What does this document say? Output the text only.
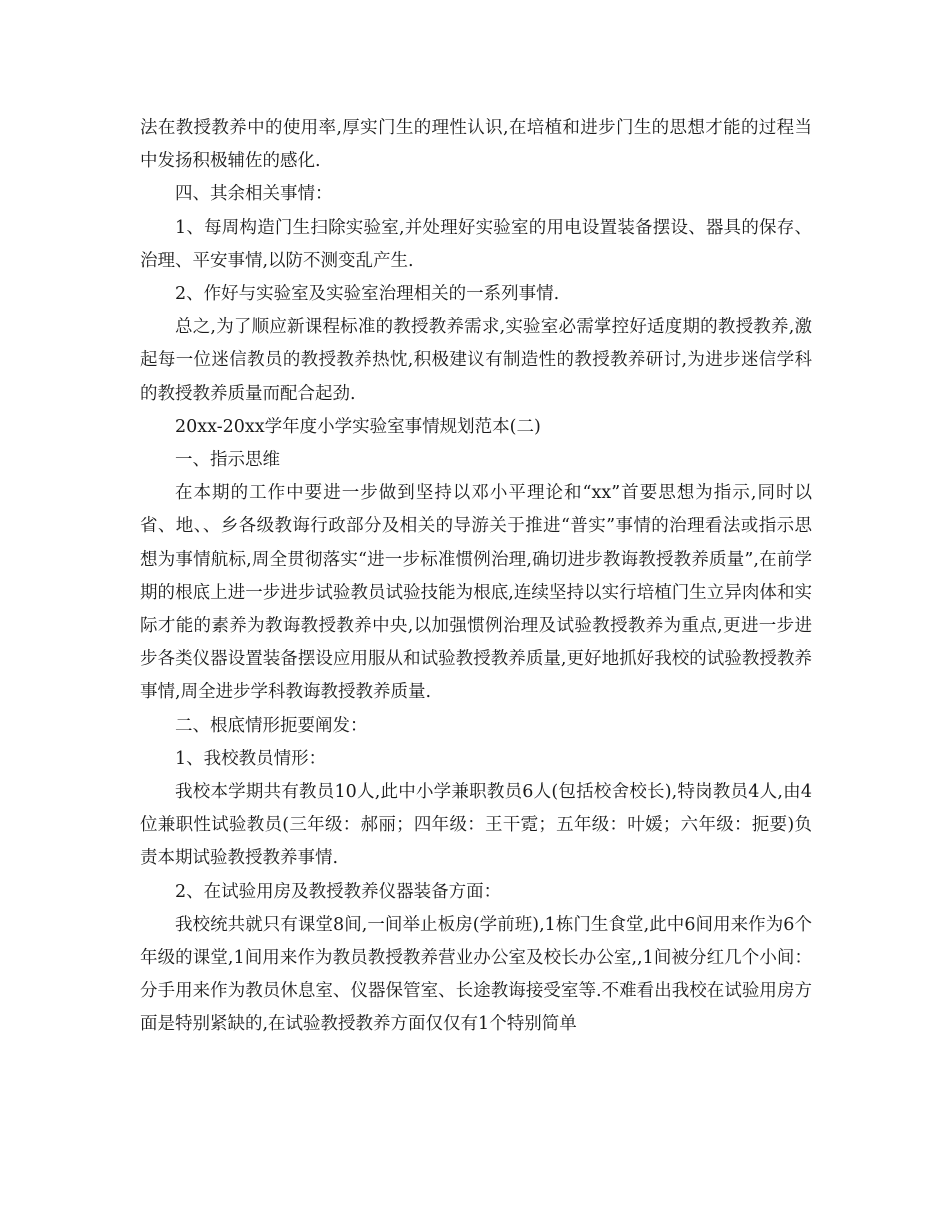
法在教授教养中的使用率,厚实门生的理性认识,在培植和进步门生的思想才能的过程当中发扬积极辅佐的感化.

四、其余相关事情：

1、每周构造门生扫除实验室,并处理好实验室的用电设置装备摆设、器具的保存、治理、平安事情,以防不测变乱产生.

2、作好与实验室及实验室治理相关的一系列事情.

总之,为了顺应新课程标准的教授教养需求,实验室必需掌控好适度期的教授教养,激起每一位迷信教员的教授教养热忱,积极建议有制造性的教授教养研讨,为进步迷信学科的教授教养质量而配合起劲.

20xx-20xx学年度小学实验室事情规划范本(二)

一、指示思维

在本期的工作中要进一步做到坚持以邓小平理论和“xx”首要思想为指示,同时以省、地、、乡各级教诲行政部分及相关的导游关于推进“普实”事情的治理看法或指示思想为事情航标,周全贯彻落实“进一步标准惯例治理,确切进步教诲教授教养质量”,在前学期的根底上进一步进步试验教员试验技能为根底,连续坚持以实行培植门生立异肉体和实际才能的素养为教诲教授教养中央,以加强惯例治理及试验教授教养为重点,更进一步进步各类仪器设置装备摆设应用服从和试验教授教养质量,更好地抓好我校的试验教授教养事情,周全进步学科教诲教授教养质量.

二、根底情形扼要阐发：

1、我校教员情形：

我校本学期共有教员10人,此中小学兼职教员6人(包括校舍校长),特岗教员4人,由4位兼职性试验教员(三年级：郝丽；四年级：王干霓；五年级：叶媛；六年级：扼要)负责本期试验教授教养事情.

2、在试验用房及教授教养仪器装备方面：

我校统共就只有课堂8间,一间举止板房(学前班),1栋门生食堂,此中6间用来作为6个年级的课堂,1间用来作为教员教授教养营业办公室及校长办公室,,1间被分红几个小间：分手用来作为教员休息室、仪器保管室、长途教诲接受室等.不难看出我校在试验用房方面是特别紧缺的,在试验教授教养方面仅仅有1个特别简单
